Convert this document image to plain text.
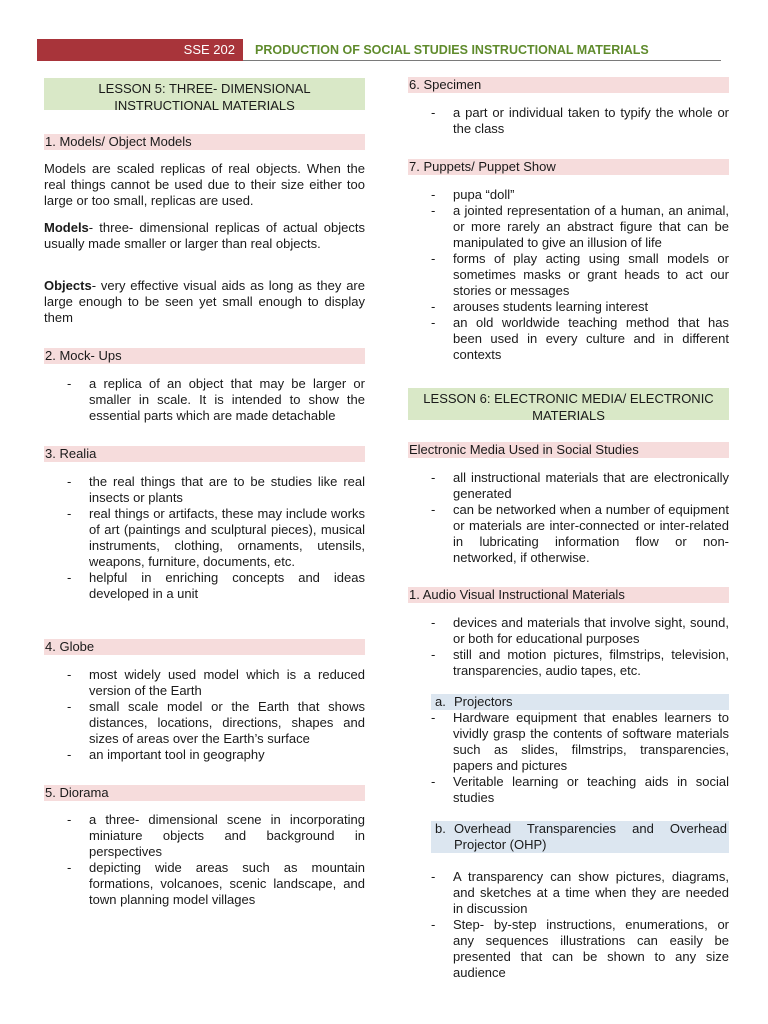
SSE 202	PRODUCTION OF SOCIAL STUDIES INSTRUCTIONAL MATERIALS
LESSON 5: THREE- DIMENSIONAL
INSTRUCTIONAL MATERIALS
1. Models/ Object Models
Models are scaled replicas of real objects. When the real things cannot be used due to their size either too large or too small, replicas are used.
Models- three- dimensional replicas of actual objects usually made smaller or larger than real objects.
Objects- very effective visual aids as long as they are large enough to be seen yet small enough to display them
2. Mock- Ups
- a replica of an object that may be larger or smaller in scale. It is intended to show the essential parts which are made detachable
3. Realia
- the real things that are to be studies like real insects or plants
- real things or artifacts, these may include works of art (paintings and sculptural pieces), musical instruments, clothing, ornaments, utensils, weapons, furniture, documents, etc.
- helpful in enriching concepts and ideas developed in a unit
4. Globe
- most widely used model which is a reduced version of the Earth
- small scale model or the Earth that shows distances, locations, directions, shapes and sizes of areas over the Earth’s surface
- an important tool in geography
5. Diorama
- a three- dimensional scene in incorporating miniature objects and background in perspectives
- depicting wide areas such as mountain formations, volcanoes, scenic landscape, and town planning model villages
6. Specimen
- a part or individual taken to typify the whole or the class
7. Puppets/ Puppet Show
- pupa “doll”
- a jointed representation of a human, an animal, or more rarely an abstract figure that can be manipulated to give an illusion of life
- forms of play acting using small models or sometimes masks or grant heads to act our stories or messages
- arouses students learning interest
- an old worldwide teaching method that has been used in every culture and in different contexts
LESSON 6: ELECTRONIC MEDIA/ ELECTRONIC
MATERIALS
Electronic Media Used in Social Studies
- all instructional materials that are electronically generated
- can be networked when a number of equipment or materials are inter-connected or inter-related in lubricating information flow or non- networked, if otherwise.
1. Audio Visual Instructional Materials
- devices and materials that involve sight, sound, or both for educational purposes
- still and motion pictures, filmstrips, television, transparencies, audio tapes, etc.
a. Projectors
- Hardware equipment that enables learners to vividly grasp the contents of software materials such as slides, filmstrips, transparencies, papers and pictures
- Veritable learning or teaching aids in social studies
b. Overhead Transparencies and Overhead Projector (OHP)
- A transparency can show pictures, diagrams, and sketches at a time when they are needed in discussion
- Step- by-step instructions, enumerations, or any sequences illustrations can easily be presented that can be shown to any size audience
